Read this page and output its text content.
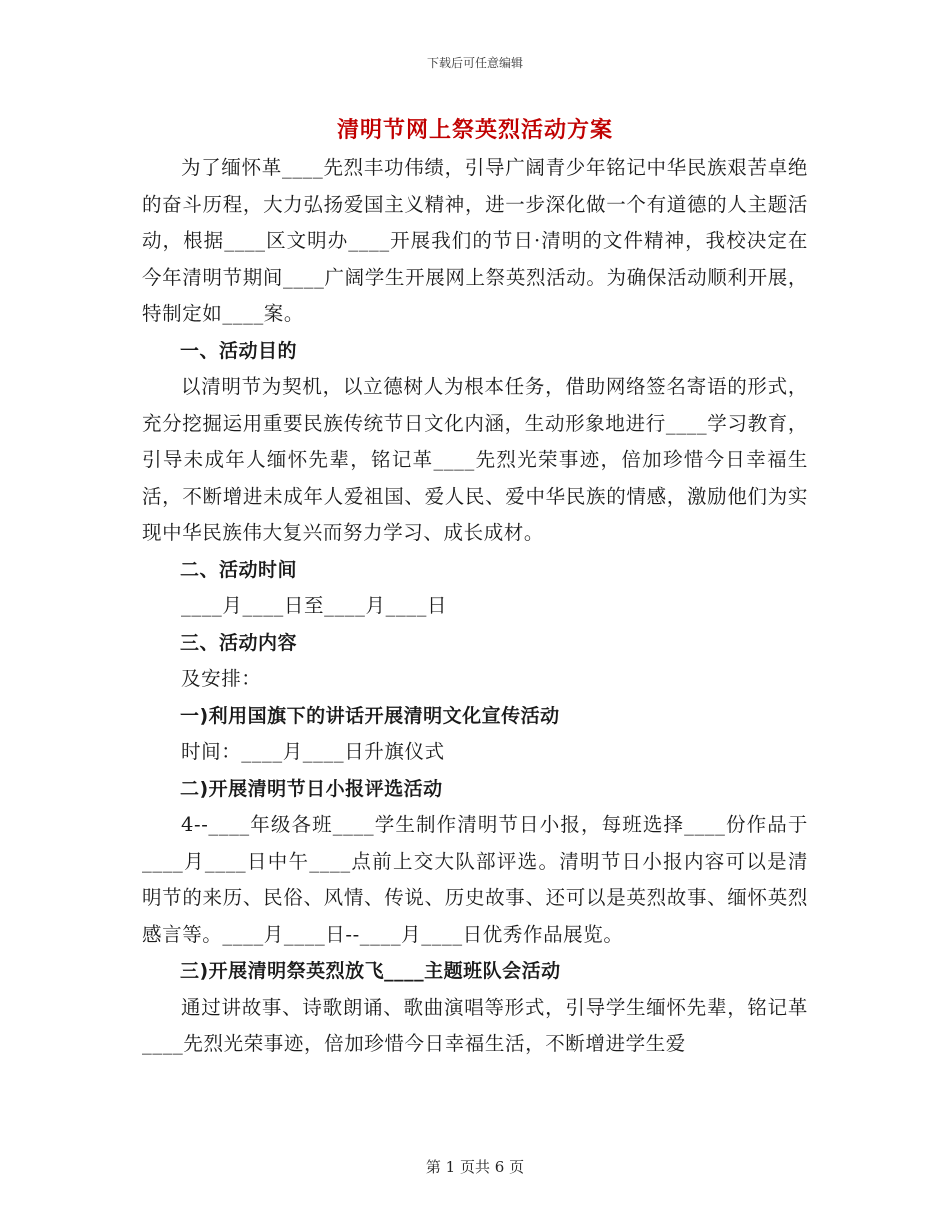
下载后可任意编辑
清明节网上祭英烈活动方案

为了缅怀革____先烈丰功伟绩，引导广阔青少年铭记中华民族艰苦卓绝的奋斗历程，大力弘扬爱国主义精神，进一步深化做一个有道德的人主题活动，根据____区文明办____开展我们的节日·清明的文件精神，我校决定在今年清明节期间____广阔学生开展网上祭英烈活动。为确保活动顺利开展，特制定如____案。

一、活动目的

以清明节为契机，以立德树人为根本任务，借助网络签名寄语的形式，充分挖掘运用重要民族传统节日文化内涵，生动形象地进行____学习教育，引导未成年人缅怀先辈，铭记革____先烈光荣事迹，倍加珍惜今日幸福生活，不断增进未成年人爱祖国、爱人民、爱中华民族的情感，激励他们为实现中华民族伟大复兴而努力学习、成长成材。

二、活动时间

____月____日至____月____日

三、活动内容

及安排：

一)利用国旗下的讲话开展清明文化宣传活动

时间：____月____日升旗仪式

二)开展清明节日小报评选活动

4--____年级各班____学生制作清明节日小报，每班选择____份作品于____月____日中午____点前上交大队部评选。清明节日小报内容可以是清明节的来历、民俗、风情、传说、历史故事、还可以是英烈故事、缅怀英烈感言等。____月____日--____月____日优秀作品展览。

三)开展清明祭英烈放飞____主题班队会活动

通过讲故事、诗歌朗诵、歌曲演唱等形式，引导学生缅怀先辈，铭记革____先烈光荣事迹，倍加珍惜今日幸福生活，不断增进学生爱

第 1 页共 6 页
